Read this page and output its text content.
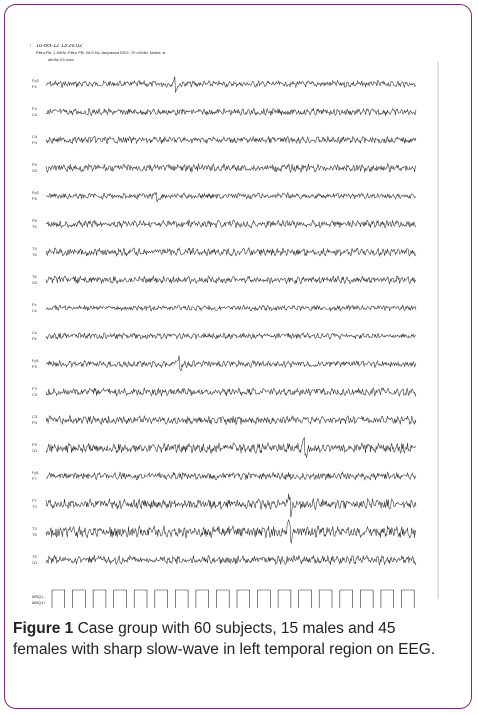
10-oct-12 13:26:02
Filtro:PA: 1.00Hz; Filtro PB: 20.0 Hz; Ampiezza EEG: 70 uV/div; Notch: si
afn1fio 0:0 oooo
Fp2
F4
F4
C4
C4
P4
P4
O2
Fp2
F8
F8
T4
T4
T6
T6
O2
Fz
Cz
Cz
Pz
Fp1
F3
F3
C3
C3
P3
P3
O1
Fp1
F7
F7
T3
T3
T5
T5
O1
MBQ1-
MBQ1+
Figure 1 Case group with 60 subjects, 15 males and 45 females with sharp slow-wave in left temporal region on EEG.
